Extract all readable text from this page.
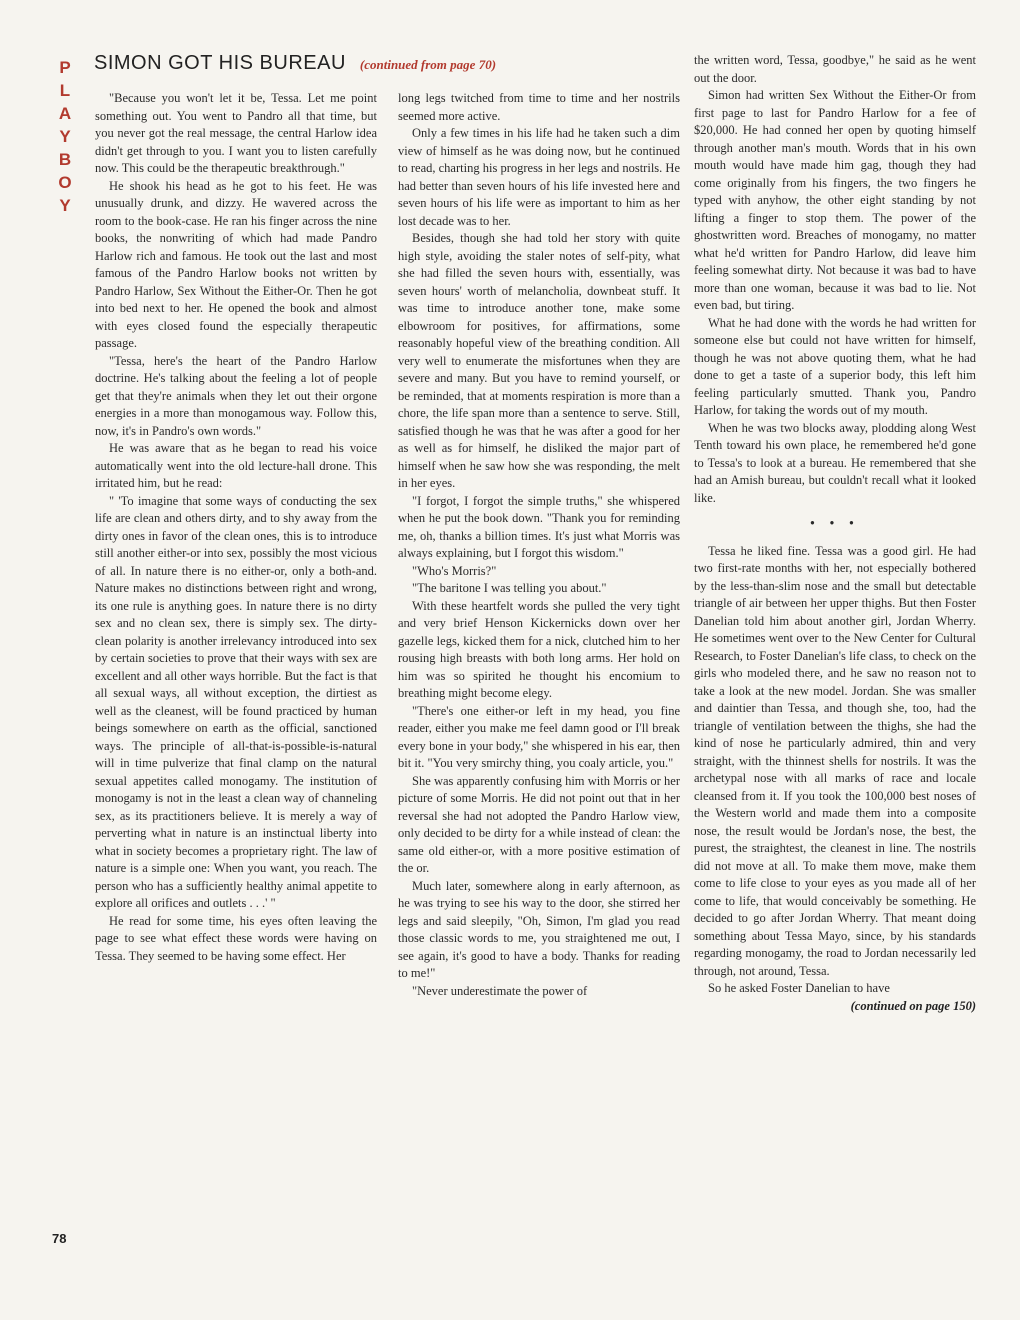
P
L
A
Y
B
O
Y
SIMON GOT HIS BUREAU (continued from page 70)

"Because you won't let it be, Tessa. Let me point something out. You went to Pandro all that time, but you never got the real message, the central Harlow idea didn't get through to you. I want you to listen carefully now. This could be the therapeutic breakthrough."

He shook his head as he got to his feet. He was unusually drunk, and dizzy. He wavered across the room to the book-case. He ran his finger across the nine books, the nonwriting of which had made Pandro Harlow rich and famous. He took out the last and most famous of the Pandro Harlow books not written by Pandro Harlow, Sex Without the Either-Or. Then he got into bed next to her. He opened the book and almost with eyes closed found the especially therapeutic passage.

"Tessa, here's the heart of the Pandro Harlow doctrine. He's talking about the feeling a lot of people get that they're animals when they let out their orgone energies in a more than monogamous way. Follow this, now, it's in Pandro's own words."

He was aware that as he began to read his voice automatically went into the old lecture-hall drone. This irritated him, but he read:

" 'To imagine that some ways of conducting the sex life are clean and others dirty, and to shy away from the dirty ones in favor of the clean ones, this is to introduce still another either-or into sex, possibly the most vicious of all. In nature there is no either-or, only a both-and. Nature makes no distinctions between right and wrong, its one rule is anything goes. In nature there is no dirty sex and no clean sex, there is simply sex. The dirty-clean polarity is another irrelevancy introduced into sex by certain societies to prove that their ways with sex are excellent and all other ways horrible. But the fact is that all sexual ways, all without exception, the dirtiest as well as the cleanest, will be found practiced by human beings somewhere on earth as the official, sanctioned ways. The principle of all-that-is-possible-is-natural will in time pulverize that final clamp on the natural sexual appetites called monogamy. The institution of monogamy is not in the least a clean way of channeling sex, as its practitioners believe. It is merely a way of perverting what in nature is an instinctual liberty into what in society becomes a proprietary right. The law of nature is a simple one: When you want, you reach. The person who has a sufficiently healthy animal appetite to explore all orifices and outlets . . .' "

He read for some time, his eyes often leaving the page to see what effect these words were having on Tessa. They seemed to be having some effect. Her

long legs twitched from time to time and her nostrils seemed more active.

Only a few times in his life had he taken such a dim view of himself as he was doing now, but he continued to read, charting his progress in her legs and nostrils. He had better than seven hours of his life invested here and seven hours of his life were as important to him as her lost decade was to her.

Besides, though she had told her story with quite high style, avoiding the staler notes of self-pity, what she had filled the seven hours with, essentially, was seven hours' worth of melancholia, downbeat stuff. It was time to introduce another tone, make some elbowroom for positives, for affirmations, some reasonably hopeful view of the breathing condition. All very well to enumerate the misfortunes when they are severe and many. But you have to remind yourself, or be reminded, that at moments respiration is more than a chore, the life span more than a sentence to serve. Still, satisfied though he was that he was after a good for her as well as for himself, he disliked the major part of himself when he saw how she was responding, the melt in her eyes.

"I forgot, I forgot the simple truths," she whispered when he put the book down. "Thank you for reminding me, oh, thanks a billion times. It's just what Morris was always explaining, but I forgot this wisdom."

"Who's Morris?"

"The baritone I was telling you about."

With these heartfelt words she pulled the very tight and very brief Henson Kickernicks down over her gazelle legs, kicked them for a nick, clutched him to her rousing high breasts with both long arms. Her hold on him was so spirited he thought his encomium to breathing might become elegy.

"There's one either-or left in my head, you fine reader, either you make me feel damn good or I'll break every bone in your body," she whispered in his ear, then bit it. "You very smirchy thing, you coaly article, you."

She was apparently confusing him with Morris or her picture of some Morris. He did not point out that in her reversal she had not adopted the Pandro Harlow view, only decided to be dirty for a while instead of clean: the same old either-or, with a more positive estimation of the or.

Much later, somewhere along in early afternoon, as he was trying to see his way to the door, she stirred her legs and said sleepily, "Oh, Simon, I'm glad you read those classic words to me, you straightened me out, I see again, it's good to have a body. Thanks for reading to me!"

"Never underestimate the power of

the written word, Tessa, goodbye," he said as he went out the door.

Simon had written Sex Without the Either-Or from first page to last for Pandro Harlow for a fee of $20,000. He had conned her open by quoting himself through another man's mouth. Words that in his own mouth would have made him gag, though they had come originally from his fingers, the two fingers he typed with anyhow, the other eight standing by not lifting a finger to stop them. The power of the ghostwritten word. Breaches of monogamy, no matter what he'd written for Pandro Harlow, did leave him feeling somewhat dirty. Not because it was bad to have more than one woman, because it was bad to lie. Not even bad, but tiring.

What he had done with the words he had written for someone else but could not have written for himself, though he was not above quoting them, what he had done to get a taste of a superior body, this left him feeling particularly smutted. Thank you, Pandro Harlow, for taking the words out of my mouth.

When he was two blocks away, plodding along West Tenth toward his own place, he remembered he'd gone to Tessa's to look at a bureau. He remembered that she had an Amish bureau, but couldn't recall what it looked like.

• • •

Tessa he liked fine. Tessa was a good girl. He had two first-rate months with her, not especially bothered by the less-than-slim nose and the small but detectable triangle of air between her upper thighs. But then Foster Danelian told him about another girl, Jordan Wherry. He sometimes went over to the New Center for Cultural Research, to Foster Danelian's life class, to check on the girls who modeled there, and he saw no reason not to take a look at the new model. Jordan. She was smaller and daintier than Tessa, and though she, too, had the triangle of ventilation between the thighs, she had the kind of nose he particularly admired, thin and very straight, with the thinnest shells for nostrils. It was the archetypal nose with all marks of race and locale cleansed from it. If you took the 100,000 best noses of the Western world and made them into a composite nose, the result would be Jordan's nose, the best, the purest, the straightest, the cleanest in line. The nostrils did not move at all. To make them move, make them come to life close to your eyes as you made all of her come to life, that would conceivably be something. He decided to go after Jordan Wherry. That meant doing something about Tessa Mayo, since, by his standards regarding monogamy, the road to Jordan necessarily led through, not around, Tessa.

So he asked Foster Danelian to have

(continued on page 150)

78
